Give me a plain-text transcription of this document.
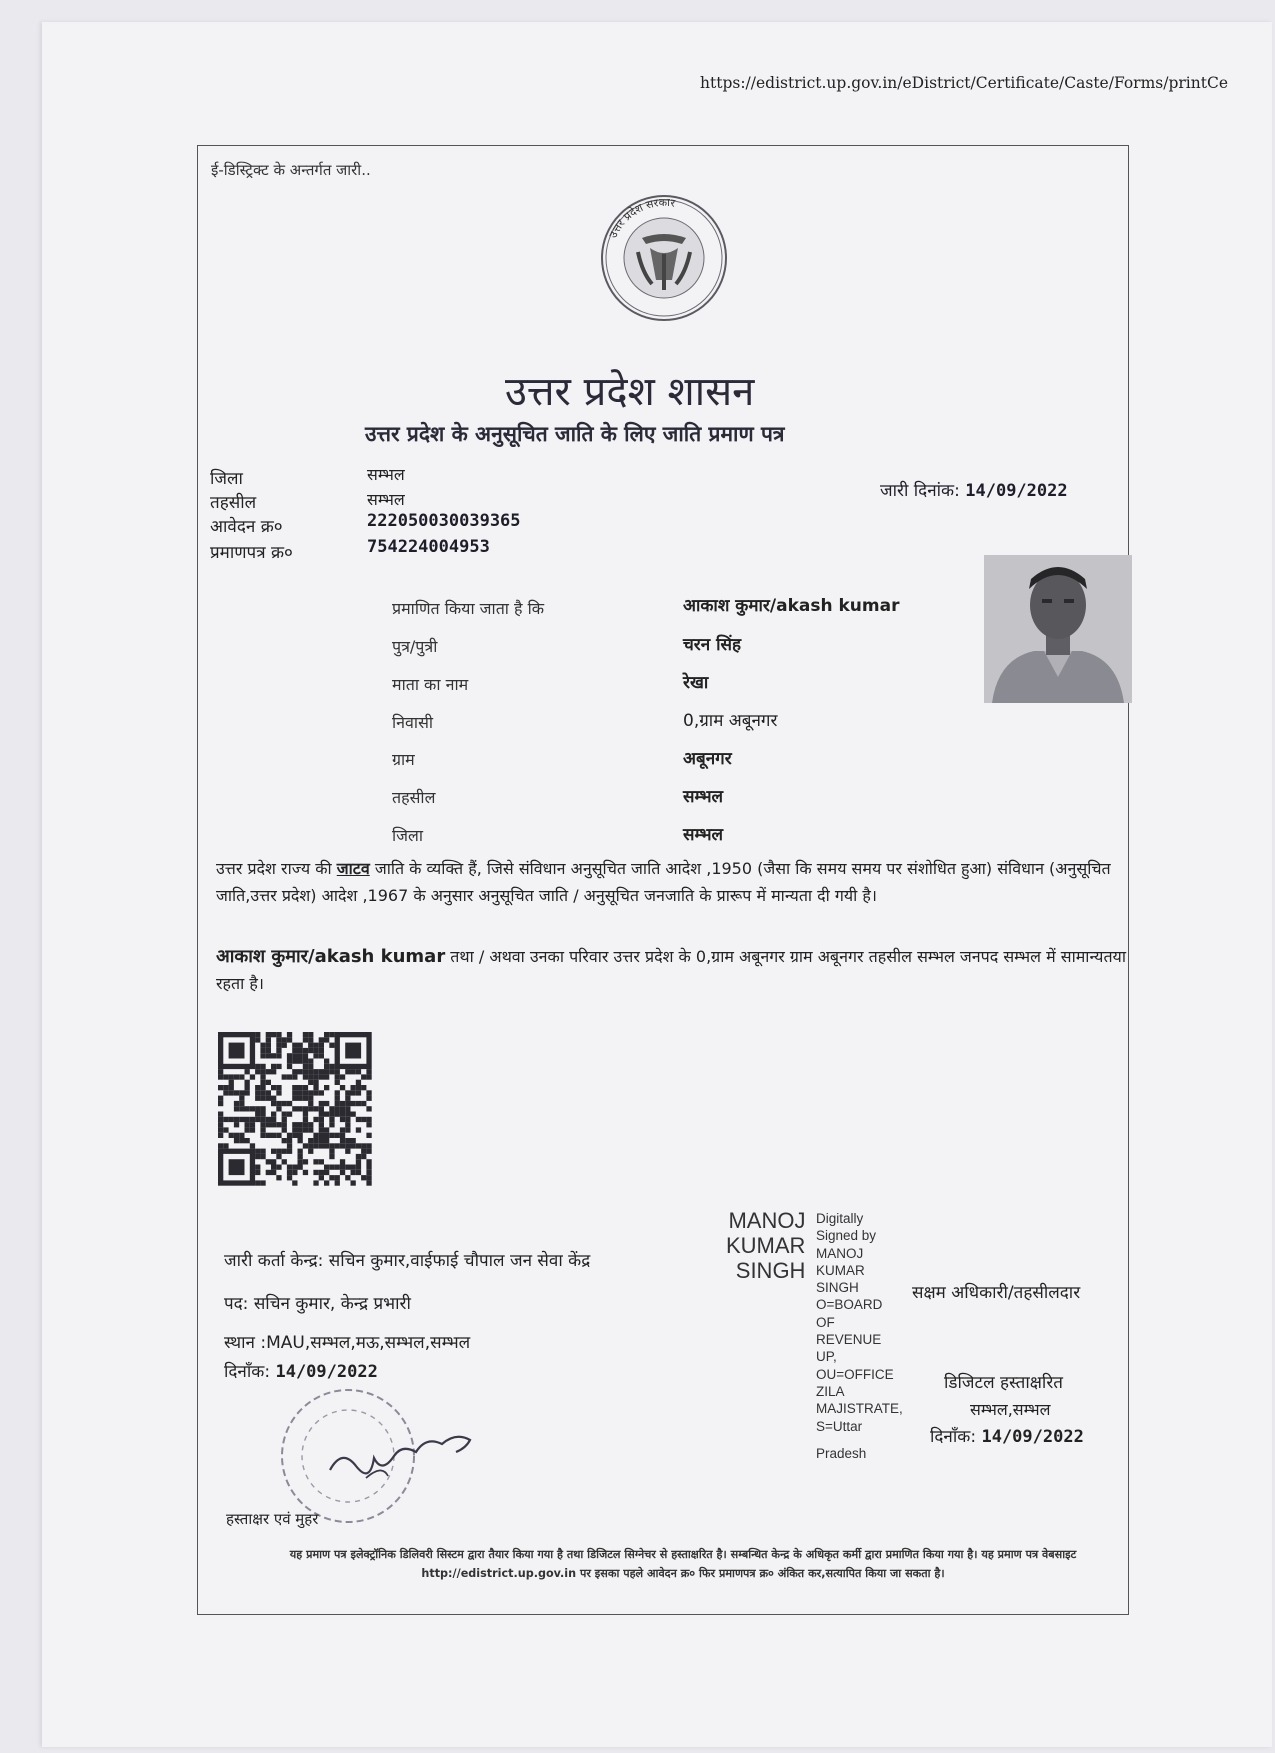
https://edistrict.up.gov.in/eDistrict/Certificate/Caste/Forms/printCe
ई-डिस्ट्रिक्ट के अन्तर्गत जारी..
उत्तर प्रदेश सरकार
उत्तर प्रदेश शासन
उत्तर प्रदेश के अनुसूचित जाति के लिए जाति प्रमाण पत्र
जिला	सम्भल
तहसील	सम्भल
आवेदन क्र०	222050030039365
प्रमाणपत्र क्र०	754224004953
जारी दिनांक: 14/09/2022
प्रमाणित किया जाता है कि	आकाश कुमार/akash kumar
पुत्र/पुत्री	चरन सिंह
माता का नाम	रेखा
निवासी	0,ग्राम अबूनगर
ग्राम	अबूनगर
तहसील	सम्भल
जिला	सम्भल
उत्तर प्रदेश राज्य की जाटव जाति के व्यक्ति हैं, जिसे संविधान अनुसूचित जाति आदेश ,1950 (जैसा कि समय समय पर संशोधित हुआ) संविधान (अनुसूचित जाति,उत्तर प्रदेश) आदेश ,1967 के अनुसार अनुसूचित जाति / अनुसूचित जनजाति के प्रारूप में मान्यता दी गयी है।
आकाश कुमार/akash kumar तथा / अथवा उनका परिवार उत्तर प्रदेश के 0,ग्राम अबूनगर ग्राम अबूनगर तहसील सम्भल जनपद सम्भल में सामान्यतया रहता है।
जारी कर्ता केन्द्र: सचिन कुमार,वाईफाई चौपाल जन सेवा केंद्र
पद: सचिन कुमार, केन्द्र प्रभारी
स्थान :MAU,सम्भल,मऊ,सम्भल,सम्भल
दिनाँक: 14/09/2022
MANOJ
KUMAR
SINGH
Digitally
Signed by
MANOJ
KUMAR
SINGH
O=BOARD
OF
REVENUE
UP,
OU=OFFICE
ZILA
MAJISTRATE,
S=Uttar
Pradesh
सक्षम अधिकारी/तहसीलदार
डिजिटल हस्ताक्षरित
सम्भल,सम्भल
दिनाँक: 14/09/2022
हस्ताक्षर एवं मुहर
यह प्रमाण पत्र इलेक्ट्रॉनिक डिलिवरी सिस्टम द्वारा तैयार किया गया है तथा डिजिटल सिग्नेचर से हस्ताक्षरित है। सम्बन्धित केन्द्र के अधिकृत कर्मी द्वारा प्रमाणित किया गया है। यह प्रमाण पत्र वेबसाइट http://edistrict.up.gov.in पर इसका पहले आवेदन क्र० फिर प्रमाणपत्र क्र० अंकित कर,सत्यापित किया जा सकता है।
